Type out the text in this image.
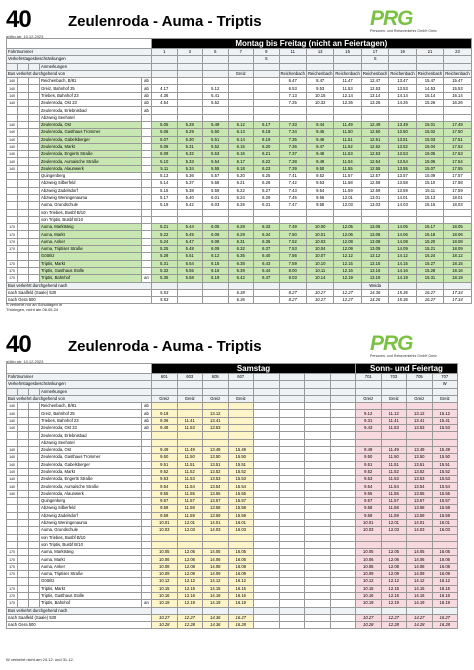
40 Zeulenroda - Auma - Triptis	PRG
Personen- und Reiseverkehrs GmbH Greiz
gültig ab: 10.12.2023
					Montag bis Freitag (nicht an Feiertagen)											
Fahrtnummer					1	3	5	7	9	11	13	15	17	19	21	23
Verkehrstagesbeschränkungen									S				S			
			Anmerkungen													
Bus verkehrt durchgehend von								Greiz		Reichenbach	Reichenbach	Reichenbach	Reichenbach	Reichenbach	Reichenbach	Reichenbach
140			Reichenbach, B/81	ab						6.47	8.47	11.47	12.47	13.47	15.47	15.47
140			Greiz, Bahnhof 25	ab	4.17		5.12			6.53	9.53	11.53	12.53	13.53	14.53	15.53
140			Triebes, Bahnhof 23	ab	4.36		5.41			7.13	10.15	12.14	13.14	14.14	15.14	16.14
140			Zeulenroda, Ost 23	ab	4.54		5.52			7.25	10.32	12.26	13.26	14.26	15.26	16.26
			Zeulenroda, Erlebnisbad	ab												
			Abzweig Seehotel													
140			Zeulenroda, Ost		5.05	5.28	5.49	6.12	6.17	7.33	9.44	11.49	12.49	13.49	15.01	17.49
140			Zeulenroda, Gasthaus Trommer		5.06	5.29	5.50	6.13	6.18	7.34	9.45	11.50	12.50	13.50	15.02	17.50
140			Zeulenroda, Gabelsberger		5.07	5.30	5.51	6.14	6.19	7.35	9.46	11.51	12.51	13.51	15.03	17.51
140			Zeulenroda, Markt		5.08	5.31	5.52	6.15	6.20	7.36	9.47	11.52	12.52	13.52	15.04	17.52
140			Zeulenroda, Engerts Straße		5.09	5.32	5.53	6.16	6.21	7.37	9.48	11.53	12.53	13.53	15.05	17.53
140			Zeulenroda, Aumaische Straße		5.10	5.33	5.54	6.17	6.22	7.38	9.49	11.54	12.54	13.54	15.06	17.54
140			Zeulenroda, Alaunwerk		5.11	5.34	5.55	6.18	6.23	7.39	9.50	11.55	12.55	13.55	15.07	17.55
			Quingenberg		5.13	5.36	5.57	6.20	6.25	7.41	9.52	11.57	12.57	13.57	15.09	17.57
			Abzweig Silberfeld		5.14	5.37	5.58	6.21	6.26	7.42	9.53	11.58	12.58	13.58	15.10	17.58
			Abzweig Zadelsdorf		5.15	5.38	5.59	6.22	6.27	7.43	9.54	11.59	12.59	13.59	15.11	17.59
			Abzweig Weningenauma		5.17	5.40	6.01	6.24	6.29	7.45	9.56	12.01	13.01	14.01	15.13	18.01
			Auma, Grundschule		5.19	5.42	6.03	6.26	6.31	7.47	9.58	12.03	13.03	14.03	15.15	18.03
			von Triebes, Busbf B/10													
			von Triptis, Busbf B/10													
170			Auma, Marktsteig		5.21	5.44	6.05	6.28	6.33	7.49	10.00	12.05	13.05	14.05	15.17	18.05
170			Auma, Markt		5.22	5.45	6.06	6.29	6.34	7.50	10.01	12.06	13.06	14.06	15.18	18.06
170			Auma, Anker		5.24	5.47	6.08	6.31	6.36	7.52	10.03	12.08	13.08	14.08	15.20	18.08
170			Auma, Triptiser Straße		5.25	5.48	6.09	6.32	6.37	7.53	10.04	12.09	13.09	14.09	15.21	18.09
			Göttritz		5.28	5.51	6.12	6.35	6.40	7.56	10.07	12.12	13.12	14.12	15.24	18.12
170			Triptis, Markt		5.31	5.54	6.15	6.38	6.43	7.59	10.10	12.15	13.15	14.15	15.27	18.15
170			Triptis, Gasthaus Stolle		5.32	5.55	6.16	6.39	6.44	8.00	10.11	12.16	13.16	14.16	15.28	18.16
170			Triptis, Bahnhof	an	5.35	5.58	6.19	6.42	6.47	8.03	10.14	12.19	13.19	14.19	15.31	18.19
Bus verkehrt durchgehend nach													Weida			
nach Saalfeld (Saale) 530					5.53			6.38		8.27	10.27	12.27	14.36	15.36	16.27	17.34
nach Gera 500					5.53			6.36		8.27	10.27	12.27	14.26	15.36	16.27	17.34
S verkehrt nur an Schultagen in
Thüringen, nicht am 06.05.24
40 Zeulenroda - Auma - Triptis	PRG
Personen- und Reiseverkehrs GmbH Greiz
gültig ab: 10.12.2023
					Samstag								Sonn- und Feiertag			
Fahrtnummer					601	603	605	607					701	703	705	707
Verkehrstagesbeschränkungen																W
			Anmerkungen													
Bus verkehrt durchgehend von					Greiz	Greiz	Greiz	Greiz					Greiz	Greiz	Greiz	Greiz
140			Reichenbach, B/81	ab												
140			Greiz, Bahnhof 25	ab	9.18		13.12						9.12	11.12	13.12	15.12
140			Triebes, Bahnhof 23	ab	9.36	11.41	13.41						9.31	11.41	13.41	15.41
140			Zeulenroda, Ost 23	ab	9.48	11.53	13.53						9.43	11.53	13.53	15.53
			Zeulenroda, Erlebnisbad													
			Abzweig Seehotel													
140			Zeulenroda, Ost		9.49	11.49	13.49	15.49					9.49	11.49	13.49	15.49
140			Zeulenroda, Gasthaus Trommer		9.50	11.50	13.50	15.50					9.50	11.50	13.50	15.50
140			Zeulenroda, Gabelsberger		9.51	11.51	13.51	15.51					9.51	11.51	13.51	15.51
140			Zeulenroda, Markt		9.52	11.52	13.52	15.52					9.52	11.52	13.52	15.52
140			Zeulenroda, Engerts Straße		9.53	11.53	13.53	15.53					9.53	11.53	13.53	15.53
140			Zeulenroda, Aumaische Straße		9.54	11.54	13.54	15.54					9.54	11.54	13.54	15.54
140			Zeulenroda, Alaunwerk		9.55	11.55	13.55	15.55					9.55	11.55	13.55	15.55
			Quingenberg		9.57	11.57	13.57	15.57					9.57	11.57	13.57	15.57
			Abzweig Silberfeld		9.58	11.58	13.58	15.58					9.58	11.58	13.58	15.58
			Abzweig Zadelsdorf		9.59	11.59	13.59	15.59					9.59	11.59	13.59	15.59
			Abzweig Weningenauma		10.01	12.01	14.01	16.01					10.01	12.01	14.01	16.01
			Auma, Grundschule		10.03	12.03	14.03	16.03					10.03	12.03	14.03	16.03
			von Triebes, Busbf B/10													
			von Triptis, Busbf B/10													
170			Auma, Marktsteig		10.05	12.05	14.05	16.05					10.05	12.05	14.05	16.05
170			Auma, Markt		10.06	12.06	14.06	16.06					10.06	12.06	14.06	16.06
170			Auma, Anker		10.08	12.08	14.08	16.08					10.08	12.08	14.08	16.08
170			Auma, Triptiser Straße		10.09	12.09	14.09	16.09					10.09	12.09	14.09	16.09
			Göttritz		10.12	12.12	14.12	16.12					10.12	12.12	14.12	16.12
170			Triptis, Markt		10.15	12.15	14.15	16.15					10.15	12.15	14.15	16.15
170			Triptis, Gasthaus Stolle		10.16	12.16	14.16	16.16					10.16	12.16	14.16	16.16
170			Triptis, Bahnhof	an	10.19	12.19	14.19	16.19					10.19	12.19	14.19	16.19
Bus verkehrt durchgehend nach																
nach Saalfeld (Saale) 530					10.27	12.27	14.36	16.27					10.27	12.27	14.27	16.27
nach Gera 500					10.28	12.28	14.36	16.28					10.28	12.28	14.28	16.28
W verkehrt nicht am 24.12. und 31.12.
